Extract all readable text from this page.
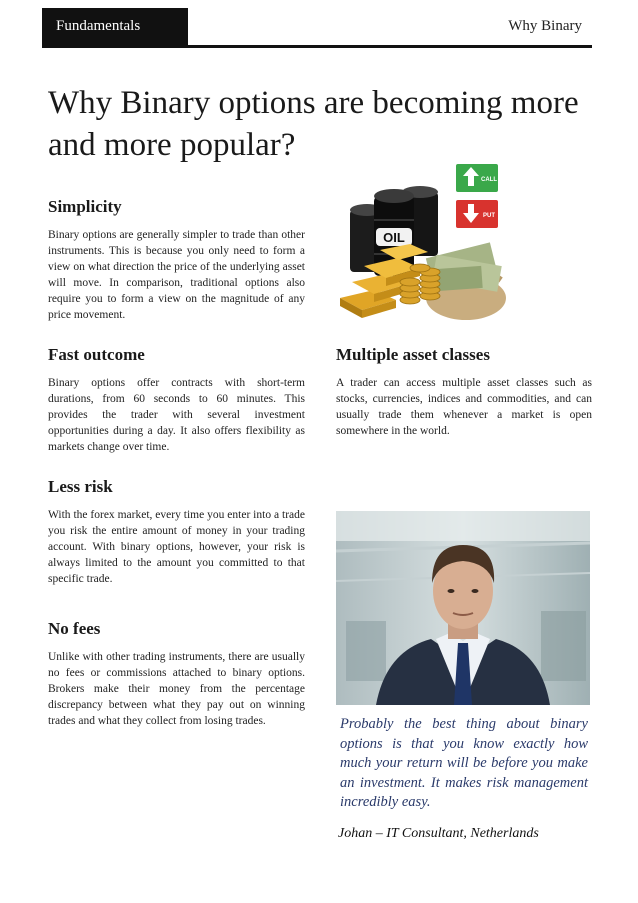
Fundamentals	Why Binary
Why Binary options are becoming more and more popular?
Simplicity

Binary options are generally simpler to trade than other instruments. This is because you only need to form a view on what direction the price of the underlying asset will move. In comparison, traditional options also require you to form a view on the magnitude of any price movement.

OIL
CALL
PUT
Fast outcome

Binary options offer contracts with short-term durations, from 60 seconds to 60 minutes. This provides the trader with several investment opportunities during a day. It also offers flexibility as markets change over time.

Multiple asset classes

A trader can access multiple asset classes such as stocks, currencies, indices and commodities, and can usually trade them whenever a market is open somewhere in the world.

Less risk

With the forex market, every time you enter into a trade you risk the entire amount of money in your trading account. With binary options, however, your risk is always limited to the amount you committed to that specific trade.

No fees

Unlike with other trading instruments, there are usually no fees or commissions attached to binary options. Brokers make their money from the percentage discrepancy between what they pay out on winning trades and what they collect from losing trades.	Probably the best thing about binary options is that you know exactly how much your return will be before you make an investment. It makes risk management incredibly easy.

Johan – IT Consultant, Netherlands
